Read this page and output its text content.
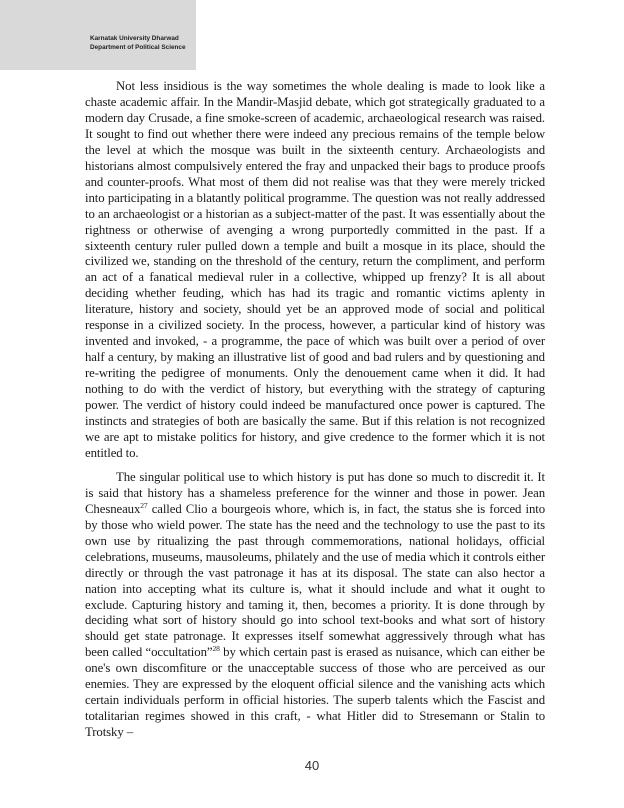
Karnatak University Dharwad
Department of Political Science

Not less insidious is the way sometimes the whole dealing is made to look like a chaste academic affair. In the Mandir-Masjid debate, which got strategically graduated to a modern day Crusade, a fine smoke-screen of academic, archaeological research was raised. It sought to find out whether there were indeed any precious remains of the temple below the level at which the mosque was built in the sixteenth century. Archaeologists and historians almost compulsively entered the fray and unpacked their bags to produce proofs and counter-proofs. What most of them did not realise was that they were merely tricked into participating in a blatantly political programme. The question was not really addressed to an archaeologist or a historian as a subject-matter of the past. It was essentially about the rightness or otherwise of avenging a wrong purportedly committed in the past. If a sixteenth century ruler pulled down a temple and built a mosque in its place, should the civilized we, standing on the threshold of the century, return the compliment, and perform an act of a fanatical medieval ruler in a collective, whipped up frenzy? It is all about deciding whether feuding, which has had its tragic and romantic victims aplenty in literature, history and society, should yet be an approved mode of social and political response in a civilized society. In the process, however, a particular kind of history was invented and invoked, - a programme, the pace of which was built over a period of over half a century, by making an illustrative list of good and bad rulers and by questioning and re-writing the pedigree of monuments. Only the denouement came when it did. It had nothing to do with the verdict of history, but everything with the strategy of capturing power. The verdict of history could indeed be manufactured once power is captured. The instincts and strategies of both are basically the same. But if this relation is not recognized we are apt to mistake politics for history, and give credence to the former which it is not entitled to.

The singular political use to which history is put has done so much to discredit it. It is said that history has a shameless preference for the winner and those in power. Jean Chesneaux$^{27}$ called Clio a bourgeois whore, which is, in fact, the status she is forced into by those who wield power. The state has the need and the technology to use the past to its own use by ritualizing the past through commemorations, national holidays, official celebrations, museums, mausoleums, philately and the use of media which it controls either directly or through the vast patronage it has at its disposal. The state can also hector a nation into accepting what its culture is, what it should include and what it ought to exclude. Capturing history and taming it, then, becomes a priority. It is done through by deciding what sort of history should go into school text-books and what sort of history should get state patronage. It expresses itself somewhat aggressively through what has been called “occultation”$^{28}$ by which certain past is erased as nuisance, which can either be one's own discomfiture or the unacceptable success of those who are perceived as our enemies. They are expressed by the eloquent official silence and the vanishing acts which certain individuals perform in official histories. The superb talents which the Fascist and totalitarian regimes showed in this craft, - what Hitler did to Stresemann or Stalin to Trotsky –

40
